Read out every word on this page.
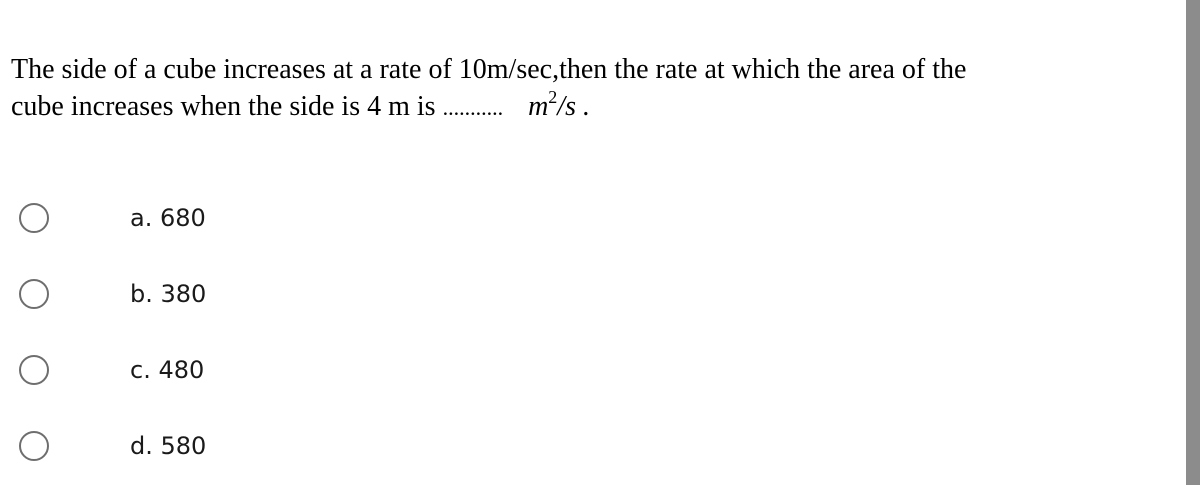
The side of a cube increases at a rate of 10m/sec,then the rate at which the area of the
cube increases when the side is 4 m is ........... $m^2/s$ .
a. 680
b. 380
c. 480
d. 580
